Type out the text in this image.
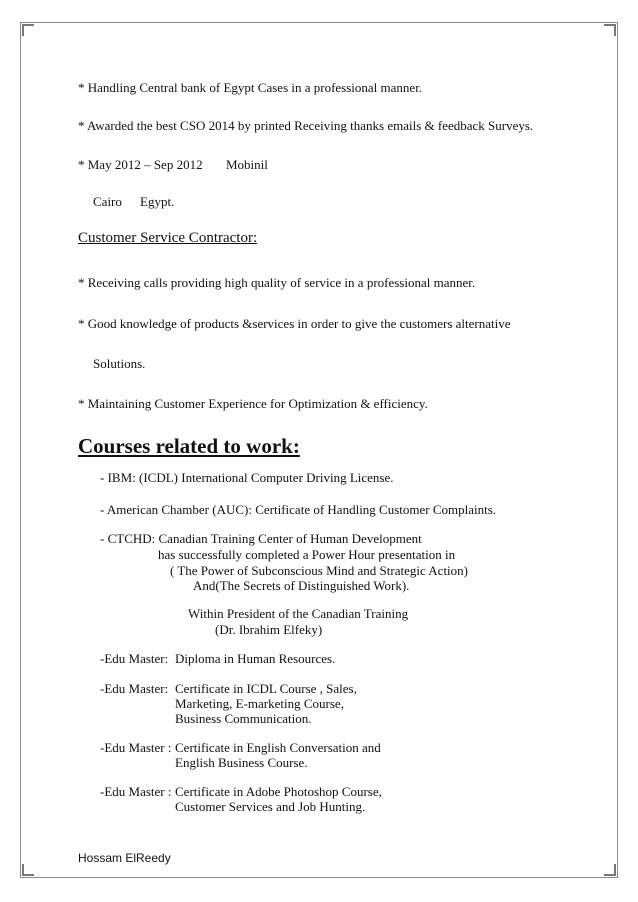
* Handling Central bank of Egypt Cases in a professional manner.
* Awarded the best CSO 2014 by printed Receiving thanks emails & feedback Surveys.
* May 2012 – Sep 2012 Mobinil
Cairo Egypt.
Customer Service Contractor:
* Receiving calls providing high quality of service in a professional manner.
* Good knowledge of products &services in order to give the customers alternative
Solutions.
* Maintaining Customer Experience for Optimization & efficiency.
Courses related to work:
- IBM: (ICDL) International Computer Driving License.
- American Chamber (AUC): Certificate of Handling Customer Complaints.
- CTCHD: Canadian Training Center of Human Development
has successfully completed a Power Hour presentation in
( The Power of Subconscious Mind and Strategic Action)
And(The Secrets of Distinguished Work).
Within President of the Canadian Training
(Dr. Ibrahim Elfeky)
-Edu Master: Diploma in Human Resources.
-Edu Master: Certificate in ICDL Course , Sales,
Marketing, E-marketing Course,
Business Communication.
-Edu Master : Certificate in English Conversation and
English Business Course.
-Edu Master : Certificate in Adobe Photoshop Course,
Customer Services and Job Hunting.
Hossam ElReedy
